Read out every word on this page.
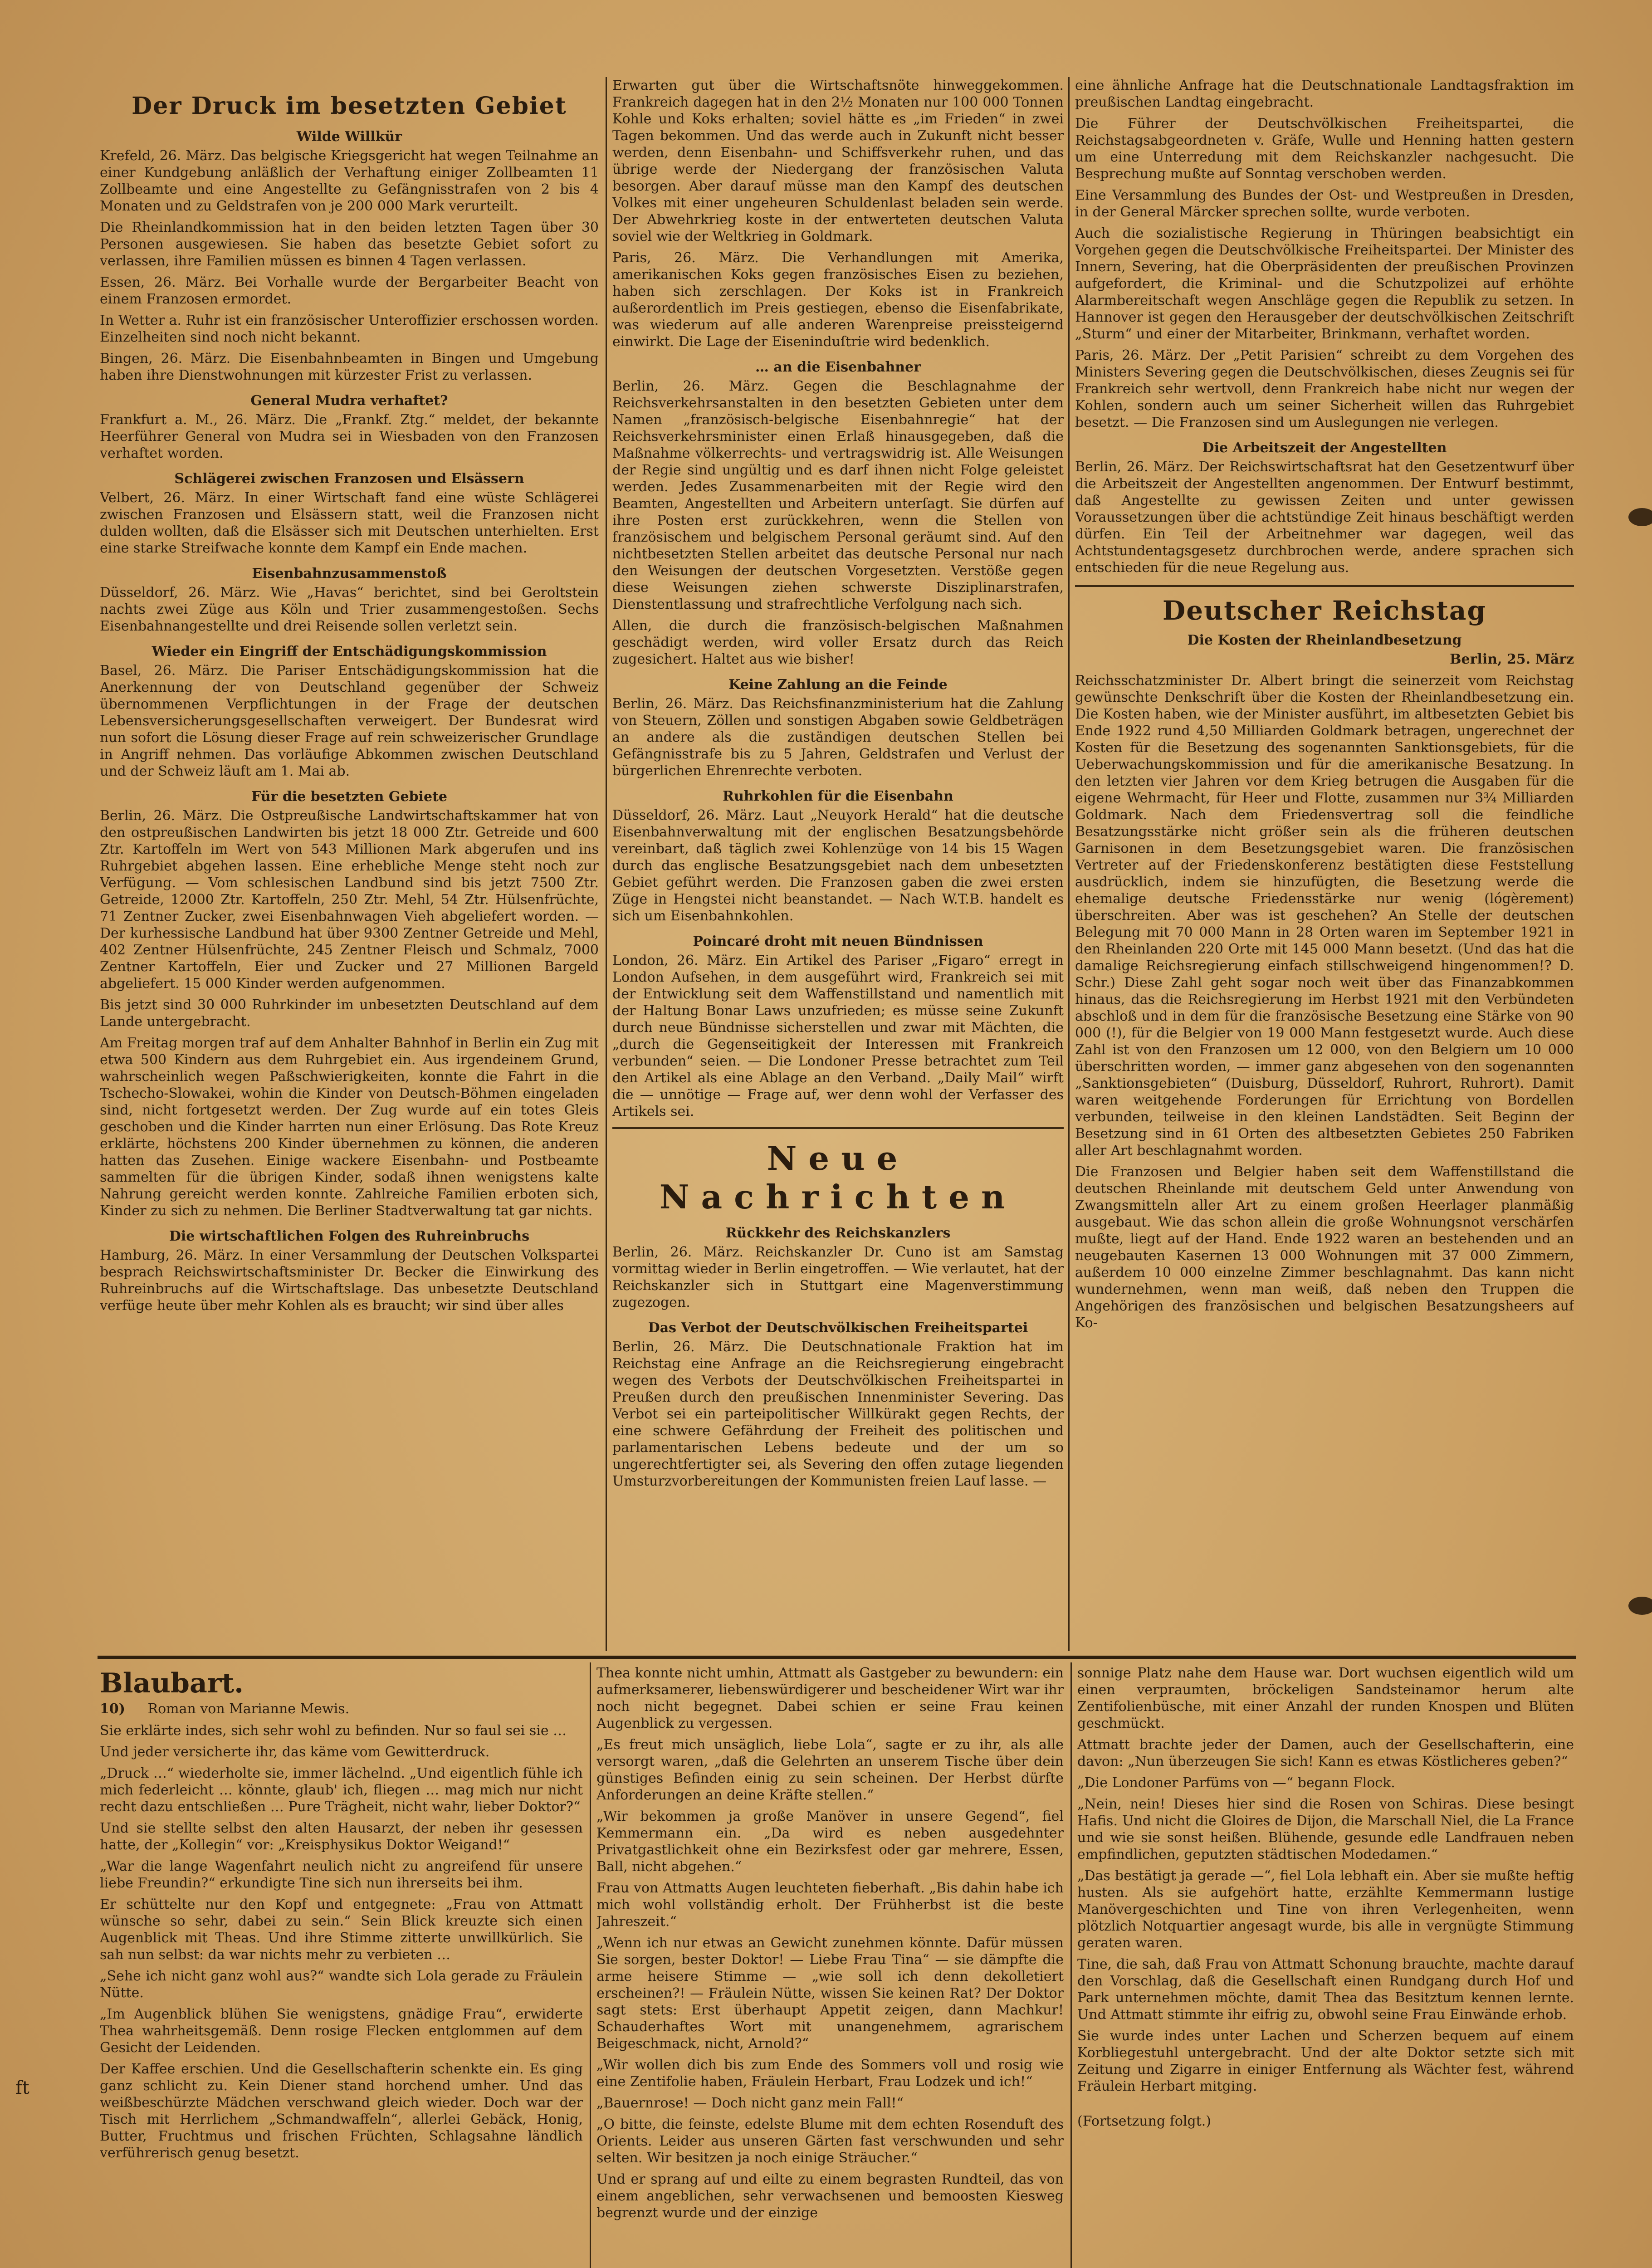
ft
Der Druck im besetzten Gebiet
Wilde Willkür

Krefeld, 26. März. Das belgische Kriegsgericht hat wegen Teilnahme an einer Kundgebung anläßlich der Verhaftung einiger Zollbeamten 11 Zollbeamte und eine Angestellte zu Gefängnisstrafen von 2 bis 4 Monaten und zu Geldstrafen von je 200 000 Mark verurteilt.

Die Rheinlandkommission hat in den beiden letzten Tagen über 30 Personen ausgewiesen. Sie haben das besetzte Gebiet sofort zu verlassen, ihre Familien müssen es binnen 4 Tagen verlassen.

Essen, 26. März. Bei Vorhalle wurde der Bergarbeiter Beacht von einem Franzosen ermordet.

In Wetter a. Ruhr ist ein französischer Unteroffizier erschossen worden. Einzelheiten sind noch nicht bekannt.

Bingen, 26. März. Die Eisenbahnbeamten in Bingen und Umgebung haben ihre Dienstwohnungen mit kürzester Frist zu verlassen.

General Mudra verhaftet?

Frankfurt a. M., 26. März. Die „Frankf. Ztg.“ meldet, der bekannte Heerführer General von Mudra sei in Wiesbaden von den Franzosen verhaftet worden.

Schlägerei zwischen Franzosen und Elsässern

Velbert, 26. März. In einer Wirtschaft fand eine wüste Schlägerei zwischen Franzosen und Elsässern statt, weil die Franzosen nicht dulden wollten, daß die Elsässer sich mit Deutschen unterhielten. Erst eine starke Streifwache konnte dem Kampf ein Ende machen.

Eisenbahnzusammenstoß

Düsseldorf, 26. März. Wie „Havas“ berichtet, sind bei Geroltstein nachts zwei Züge aus Köln und Trier zusammengestoßen. Sechs Eisenbahnangestellte und drei Reisende sollen verletzt sein.

Wieder ein Eingriff der Entschädigungskommission

Basel, 26. März. Die Pariser Entschädigungskommission hat die Anerkennung der von Deutschland gegenüber der Schweiz übernommenen Verpflichtungen in der Frage der deutschen Lebensversicherungsgesellschaften verweigert. Der Bundesrat wird nun sofort die Lösung dieser Frage auf rein schweizerischer Grundlage in Angriff nehmen. Das vorläufige Abkommen zwischen Deutschland und der Schweiz läuft am 1. Mai ab.

Für die besetzten Gebiete

Berlin, 26. März. Die Ostpreußische Landwirtschaftskammer hat von den ostpreußischen Landwirten bis jetzt 18 000 Ztr. Getreide und 600 Ztr. Kartoffeln im Wert von 543 Millionen Mark abgerufen und ins Ruhrgebiet abgehen lassen. Eine erhebliche Menge steht noch zur Verfügung. — Vom schlesischen Landbund sind bis jetzt 7500 Ztr. Getreide, 12000 Ztr. Kartoffeln, 250 Ztr. Mehl, 54 Ztr. Hülsenfrüchte, 71 Zentner Zucker, zwei Eisenbahnwagen Vieh abgeliefert worden. — Der kurhessische Landbund hat über 9300 Zentner Getreide und Mehl, 402 Zentner Hülsenfrüchte, 245 Zentner Fleisch und Schmalz, 7000 Zentner Kartoffeln, Eier und Zucker und 27 Millionen Bargeld abgeliefert. 15 000 Kinder werden aufgenommen.

Bis jetzt sind 30 000 Ruhrkinder im unbesetzten Deutschland auf dem Lande untergebracht.

Am Freitag morgen traf auf dem Anhalter Bahnhof in Berlin ein Zug mit etwa 500 Kindern aus dem Ruhrgebiet ein. Aus irgendeinem Grund, wahrscheinlich wegen Paßschwierigkeiten, konnte die Fahrt in die Tschecho-Slowakei, wohin die Kinder von Deutsch-Böhmen eingeladen sind, nicht fortgesetzt werden. Der Zug wurde auf ein totes Gleis geschoben und die Kinder harrten nun einer Erlösung. Das Rote Kreuz erklärte, höchstens 200 Kinder übernehmen zu können, die anderen hatten das Zusehen. Einige wackere Eisenbahn- und Postbeamte sammelten für die übrigen Kinder, sodaß ihnen wenigstens kalte Nahrung gereicht werden konnte. Zahlreiche Familien erboten sich, Kinder zu sich zu nehmen. Die Berliner Stadtverwaltung tat gar nichts.

Die wirtschaftlichen Folgen des Ruhreinbruchs

Hamburg, 26. März. In einer Versammlung der Deutschen Volkspartei besprach Reichswirtschaftsminister Dr. Becker die Einwirkung des Ruhreinbruchs auf die Wirtschaftslage. Das unbesetzte Deutschland verfüge heute über mehr Kohlen als es braucht; wir sind über alles

Erwarten gut über die Wirtschaftsnöte hinweggekommen. Frankreich dagegen hat in den 2½ Monaten nur 100 000 Tonnen Kohle und Koks erhalten; soviel hätte es „im Frieden“ in zwei Tagen bekommen. Und das werde auch in Zukunft nicht besser werden, denn Eisenbahn- und Schiffsverkehr ruhen, und das übrige werde der Niedergang der französischen Valuta besorgen. Aber darauf müsse man den Kampf des deutschen Volkes mit einer ungeheuren Schuldenlast beladen sein werde. Der Abwehrkrieg koste in der entwerteten deutschen Valuta soviel wie der Weltkrieg in Goldmark.

Paris, 26. März. Die Verhandlungen mit Amerika, amerikanischen Koks gegen französisches Eisen zu beziehen, haben sich zerschlagen. Der Koks ist in Frankreich außerordentlich im Preis gestiegen, ebenso die Eisenfabrikate, was wiederum auf alle anderen Warenpreise preissteigernd einwirkt. Die Lage der Eiseninduſtrie wird bedenklich.

… an die Eisenbahner

Berlin, 26. März. Gegen die Beschlagnahme der Reichsverkehrsanstalten in den besetzten Gebieten unter dem Namen „französisch-belgische Eisenbahnregie“ hat der Reichsverkehrsminister einen Erlaß hinausgegeben, daß die Maßnahme völkerrechts- und vertragswidrig ist. Alle Weisungen der Regie sind ungültig und es darf ihnen nicht Folge geleistet werden. Jedes Zusammenarbeiten mit der Regie wird den Beamten, Angestellten und Arbeitern unterſagt. Sie dürfen auf ihre Posten erst zurückkehren, wenn die Stellen von französischem und belgischem Personal geräumt sind. Auf den nichtbesetzten Stellen arbeitet das deutsche Personal nur nach den Weisungen der deutschen Vorgesetzten. Verstöße gegen diese Weisungen ziehen schwerste Disziplinarstrafen, Dienstentlassung und strafrechtliche Verfolgung nach sich.

Allen, die durch die französisch-belgischen Maßnahmen geschädigt werden, wird voller Ersatz durch das Reich zugesichert. Haltet aus wie bisher!

Keine Zahlung an die Feinde

Berlin, 26. März. Das Reichsfinanzministerium hat die Zahlung von Steuern, Zöllen und sonstigen Abgaben sowie Geldbeträgen an andere als die zuständigen deutschen Stellen bei Gefängnisstrafe bis zu 5 Jahren, Geldstrafen und Verlust der bürgerlichen Ehrenrechte verboten.

Ruhrkohlen für die Eisenbahn

Düsseldorf, 26. März. Laut „Neuyork Herald“ hat die deutsche Eisenbahnverwaltung mit der englischen Besatzungsbehörde vereinbart, daß täglich zwei Kohlenzüge von 14 bis 15 Wagen durch das englische Besatzungsgebiet nach dem unbesetzten Gebiet geführt werden. Die Franzosen gaben die zwei ersten Züge in Hengstei nicht beanstandet. — Nach W.T.B. handelt es sich um Eisenbahnkohlen.

Poincaré droht mit neuen Bündnissen

London, 26. März. Ein Artikel des Pariser „Figaro“ erregt in London Aufsehen, in dem ausgeführt wird, Frankreich sei mit der Entwicklung seit dem Waffenstillstand und namentlich mit der Haltung Bonar Laws unzufrieden; es müsse seine Zukunft durch neue Bündnisse sicherstellen und zwar mit Mächten, die „durch die Gegenseitigkeit der Interessen mit Frankreich verbunden“ seien. — Die Londoner Presse betrachtet zum Teil den Artikel als eine Ablage an den Verband. „Daily Mail“ wirft die — unnötige — Frage auf, wer denn wohl der Verfasser des Artikels sei.

Neue Nachrichten
Rückkehr des Reichskanzlers

Berlin, 26. März. Reichskanzler Dr. Cuno ist am Samstag vormittag wieder in Berlin eingetroffen. — Wie verlautet, hat der Reichskanzler sich in Stuttgart eine Magenverstimmung zugezogen.

Das Verbot der Deutschvölkischen Freiheitspartei

Berlin, 26. März. Die Deutschnationale Fraktion hat im Reichstag eine Anfrage an die Reichsregierung eingebracht wegen des Verbots der Deutschvölkischen Freiheitspartei in Preußen durch den preußischen Innenminister Severing. Das Verbot sei ein parteipolitischer Willkürakt gegen Rechts, der eine schwere Gefährdung der Freiheit des politischen und parlamentarischen Lebens bedeute und der um so ungerechtfertigter sei, als Severing den offen zutage liegenden Umsturzvorbereitungen der Kommunisten freien Lauf lasse. —

eine ähnliche Anfrage hat die Deutschnationale Landtagsfraktion im preußischen Landtag eingebracht.

Die Führer der Deutschvölkischen Freiheitspartei, die Reichstagsabgeordneten v. Gräfe, Wulle und Henning hatten gestern um eine Unterredung mit dem Reichskanzler nachgesucht. Die Besprechung mußte auf Sonntag verschoben werden.

Eine Versammlung des Bundes der Ost- und Westpreußen in Dresden, in der General Märcker sprechen sollte, wurde verboten.

Auch die sozialistische Regierung in Thüringen beabsichtigt ein Vorgehen gegen die Deutschvölkische Freiheitspartei. Der Minister des Innern, Severing, hat die Oberpräsidenten der preußischen Provinzen aufgefordert, die Kriminal- und die Schutzpolizei auf erhöhte Alarmbereitschaft wegen Anschläge gegen die Republik zu setzen. In Hannover ist gegen den Herausgeber der deutschvölkischen Zeitschrift „Sturm“ und einer der Mitarbeiter, Brinkmann, verhaftet worden.

Paris, 26. März. Der „Petit Parisien“ schreibt zu dem Vorgehen des Ministers Severing gegen die Deutschvölkischen, dieses Zeugnis sei für Frankreich sehr wertvoll, denn Frankreich habe nicht nur wegen der Kohlen, sondern auch um seiner Sicherheit willen das Ruhrgebiet besetzt. — Die Franzosen sind um Auslegungen nie verlegen.

Die Arbeitszeit der Angestellten

Berlin, 26. März. Der Reichswirtschaftsrat hat den Gesetzentwurf über die Arbeitszeit der Angestellten angenommen. Der Entwurf bestimmt, daß Angestellte zu gewissen Zeiten und unter gewissen Voraussetzungen über die achtstündige Zeit hinaus beschäftigt werden dürfen. Ein Teil der Arbeitnehmer war dagegen, weil das Achtstundentagsgesetz durchbrochen werde, andere sprachen sich entschieden für die neue Regelung aus.

Deutscher Reichstag
Die Kosten der Rheinlandbesetzung

Berlin, 25. März

Reichsschatzminister Dr. Albert bringt die seinerzeit vom Reichstag gewünschte Denkschrift über die Kosten der Rheinlandbesetzung ein. Die Kosten haben, wie der Minister ausführt, im altbesetzten Gebiet bis Ende 1922 rund 4,50 Milliarden Goldmark betragen, ungerechnet der Kosten für die Besetzung des sogenannten Sanktionsgebiets, für die Ueberwachungskommission und für die amerikanische Besatzung. In den letzten vier Jahren vor dem Krieg betrugen die Ausgaben für die eigene Wehrmacht, für Heer und Flotte, zusammen nur 3¾ Milliarden Goldmark. Nach dem Friedensvertrag soll die feindliche Besatzungsstärke nicht größer sein als die früheren deutschen Garnisonen in dem Besetzungsgebiet waren. Die französischen Vertreter auf der Friedenskonferenz bestätigten diese Feststellung ausdrücklich, indem sie hinzufügten, die Besetzung werde die ehemalige deutsche Friedensstärke nur wenig (lógèrement) überschreiten. Aber was ist geschehen? An Stelle der deutschen Belegung mit 70 000 Mann in 28 Orten waren im September 1921 in den Rheinlanden 220 Orte mit 145 000 Mann besetzt. (Und das hat die damalige Reichsregierung einfach stillschweigend hingenommen!? D. Schr.) Diese Zahl geht sogar noch weit über das Finanzabkommen hinaus, das die Reichsregierung im Herbst 1921 mit den Verbündeten abschloß und in dem für die französische Besetzung eine Stärke von 90 000 (!), für die Belgier von 19 000 Mann festgesetzt wurde. Auch diese Zahl ist von den Franzosen um 12 000, von den Belgiern um 10 000 überschritten worden, — immer ganz abgesehen von den sogenannten „Sanktionsgebieten“ (Duisburg, Düsseldorf, Ruhrort, Ruhrort). Damit waren weitgehende Forderungen für Errichtung von Bordellen verbunden, teilweise in den kleinen Landstädten. Seit Beginn der Besetzung sind in 61 Orten des altbesetzten Gebietes 250 Fabriken aller Art beschlagnahmt worden.

Die Franzosen und Belgier haben seit dem Waffenstillstand die deutschen Rheinlande mit deutschem Geld unter Anwendung von Zwangsmitteln aller Art zu einem großen Heerlager planmäßig ausgebaut. Wie das schon allein die große Wohnungsnot verschärfen mußte, liegt auf der Hand. Ende 1922 waren an bestehenden und an neugebauten Kasernen 13 000 Wohnungen mit 37 000 Zimmern, außerdem 10 000 einzelne Zimmer beschlagnahmt. Das kann nicht wundernehmen, wenn man weiß, daß neben den Truppen die Angehörigen des französischen und belgischen Besatzungsheers auf Ko-

Blaubart.
10) Roman von Marianne Mewis.

Sie erklärte indes, sich sehr wohl zu befinden. Nur so faul sei sie …

Und jeder versicherte ihr, das käme vom Gewitterdruck.

„Druck …“ wiederholte sie, immer lächelnd. „Und eigentlich fühle ich mich federleicht … könnte, glaub' ich, fliegen … mag mich nur nicht recht dazu entschließen … Pure Trägheit, nicht wahr, lieber Doktor?“

Und sie stellte selbst den alten Hausarzt, der neben ihr gesessen hatte, der „Kollegin“ vor: „Kreisphysikus Doktor Weigand!“

„War die lange Wagenfahrt neulich nicht zu angreifend für unsere liebe Freundin?“ erkundigte Tine sich nun ihrerseits bei ihm.

Er schüttelte nur den Kopf und entgegnete: „Frau von Attmatt wünsche so sehr, dabei zu sein.“ Sein Blick kreuzte sich einen Augenblick mit Theas. Und ihre Stimme zitterte unwillkürlich. Sie sah nun selbst: da war nichts mehr zu verbieten …

„Sehe ich nicht ganz wohl aus?“ wandte sich Lola gerade zu Fräulein Nütte.

„Im Augenblick blühen Sie wenigstens, gnädige Frau“, erwiderte Thea wahrheitsgemäß. Denn rosige Flecken entglommen auf dem Gesicht der Leidenden.

Der Kaffee erschien. Und die Gesellschafterin schenkte ein. Es ging ganz schlicht zu. Kein Diener stand horchend umher. Und das weißbeschürzte Mädchen verschwand gleich wieder. Doch war der Tisch mit Herrlichem „Schmandwaffeln“, allerlei Gebäck, Honig, Butter, Fruchtmus und frischen Früchten, Schlagsahne ländlich verführerisch genug besetzt.

Thea konnte nicht umhin, Attmatt als Gastgeber zu bewundern: ein aufmerksamerer, liebenswürdigerer und bescheidener Wirt war ihr noch nicht begegnet. Dabei schien er seine Frau keinen Augenblick zu vergessen.

„Es freut mich unsäglich, liebe Lola“, sagte er zu ihr, als alle versorgt waren, „daß die Gelehrten an unserem Tische über dein günstiges Befinden einig zu sein scheinen. Der Herbst dürfte Anforderungen an deine Kräfte stellen.“

„Wir bekommen ja große Manöver in unsere Gegend“, fiel Kemmermann ein. „Da wird es neben ausgedehnter Privatgastlichkeit ohne ein Bezirksfest oder gar mehrere, Essen, Ball, nicht abgehen.“

Frau von Attmatts Augen leuchteten fieberhaft. „Bis dahin habe ich mich wohl vollständig erholt. Der Frühherbst ist die beste Jahreszeit.“

„Wenn ich nur etwas an Gewicht zunehmen könnte. Dafür müssen Sie sorgen, bester Doktor! — Liebe Frau Tina“ — sie dämpfte die arme heisere Stimme — „wie soll ich denn dekolletiert erscheinen?! — Fräulein Nütte, wissen Sie keinen Rat? Der Doktor sagt stets: Erst überhaupt Appetit zeigen, dann Machkur! Schauderhaftes Wort mit unangenehmem, agrarischem Beigeschmack, nicht, Arnold?“

„Wir wollen dich bis zum Ende des Sommers voll und rosig wie eine Zentifolie haben, Fräulein Herbart, Frau Lodzek und ich!“

„Bauernrose! — Doch nicht ganz mein Fall!“

„O bitte, die feinste, edelste Blume mit dem echten Rosenduft des Orients. Leider aus unseren Gärten fast verschwunden und sehr selten. Wir besitzen ja noch einige Sträucher.“

Und er sprang auf und eilte zu einem begrasten Rundteil, das von einem angeblichen, sehr verwachsenen und bemoosten Kiesweg begrenzt wurde und der einzige

sonnige Platz nahe dem Hause war. Dort wuchsen eigentlich wild um einen verpraumten, bröckeligen Sandsteinamor herum alte Zentifolienbüsche, mit einer Anzahl der runden Knospen und Blüten geschmückt.

Attmatt brachte jeder der Damen, auch der Gesellschafterin, eine davon: „Nun überzeugen Sie sich! Kann es etwas Köstlicheres geben?“

„Die Londoner Parfüms von —“ begann Flock.

„Nein, nein! Dieses hier sind die Rosen von Schiras. Diese besingt Hafis. Und nicht die Gloires de Dijon, die Marschall Niel, die La France und wie sie sonst heißen. Blühende, gesunde edle Landfrauen neben empfindlichen, geputzten städtischen Modedamen.“

„Das bestätigt ja gerade —“, fiel Lola lebhaft ein. Aber sie mußte heftig husten. Als sie aufgehört hatte, erzählte Kemmermann lustige Manövergeschichten und Tine von ihren Verlegenheiten, wenn plötzlich Notquartier angesagt wurde, bis alle in vergnügte Stimmung geraten waren.

Tine, die sah, daß Frau von Attmatt Schonung brauchte, machte darauf den Vorschlag, daß die Gesellschaft einen Rundgang durch Hof und Park unternehmen möchte, damit Thea das Besitztum kennen lernte. Und Attmatt stimmte ihr eifrig zu, obwohl seine Frau Einwände erhob.

Sie wurde indes unter Lachen und Scherzen bequem auf einem Korbliegestuhl untergebracht. Und der alte Doktor setzte sich mit Zeitung und Zigarre in einiger Entfernung als Wächter fest, während Fräulein Herbart mitging.

(Fortsetzung folgt.)
